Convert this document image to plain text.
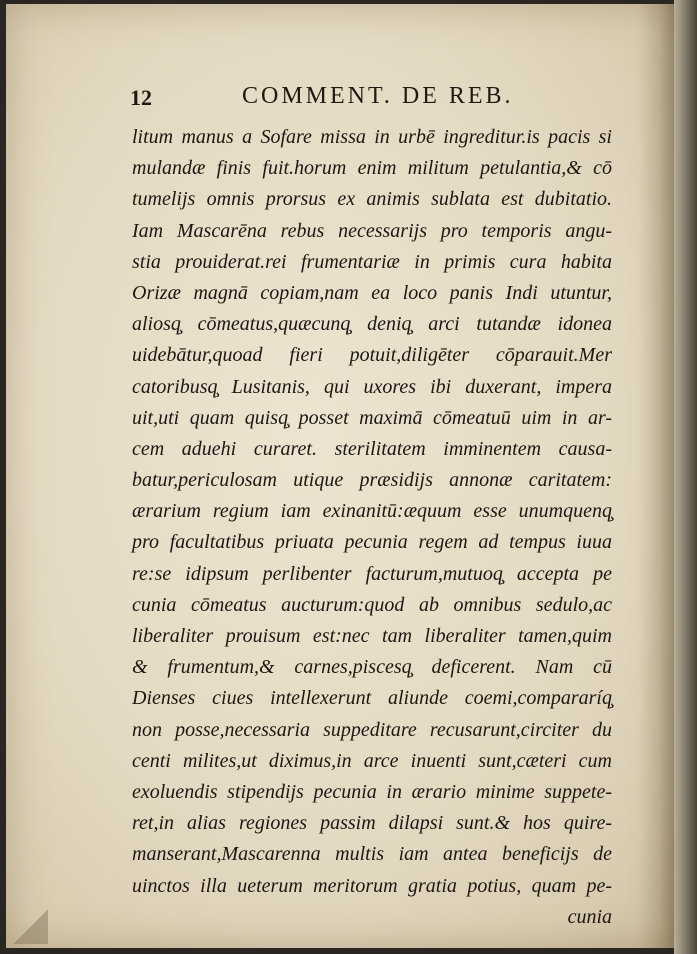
12	COMMENT. DE REB.
litum manus a Sofare missa in urbē ingreditur.is pacis si
mulandæ finis fuit.horum enim militum petulantia,& cō
tumelijs omnis prorsus ex animis sublata est dubitatio.
Iam Mascarēna rebus necessarijs pro temporis angu-
stia prouiderat.rei frumentariæ in primis cura habita
Orizæ magnā copiam,nam ea loco panis Indi utuntur,
aliosq̧ cōmeatus,quæcunq̧ deniq̧ arci tutandæ idonea
uidebātur,quoad fieri potuit,diligēter cōparauit.Mer
catoribusq̧ Lusitanis, qui uxores ibi duxerant, impera
uit,uti quam quisq̧ posset maximā cōmeatuū uim in ar-
cem aduehi curaret. sterilitatem imminentem causa-
batur,periculosam utique præsidijs annonæ caritatem:
ærarium regium iam exinanitū:æquum esse unumquenq̧
pro facultatibus priuata pecunia regem ad tempus iuua
re:se idipsum perlibenter facturum,mutuoq̧ accepta pe
cunia cōmeatus aucturum:quod ab omnibus sedulo,ac
liberaliter prouisum est:nec tam liberaliter tamen,quim
& frumentum,& carnes,piscesq̧ deficerent. Nam cū
Dienses ciues intellexerunt aliunde coemi,compararíq̧
non posse,necessaria suppeditare recusarunt,circiter du
centi milites,ut diximus,in arce inuenti sunt,cæteri cum
exoluendis stipendijs pecunia in ærario minime suppete-
ret,in alias regiones passim dilapsi sunt.& hos quire-
manserant,Mascarenna multis iam antea beneficijs de
uinctos illa ueterum meritorum gratia potius, quam pe-
cunia
